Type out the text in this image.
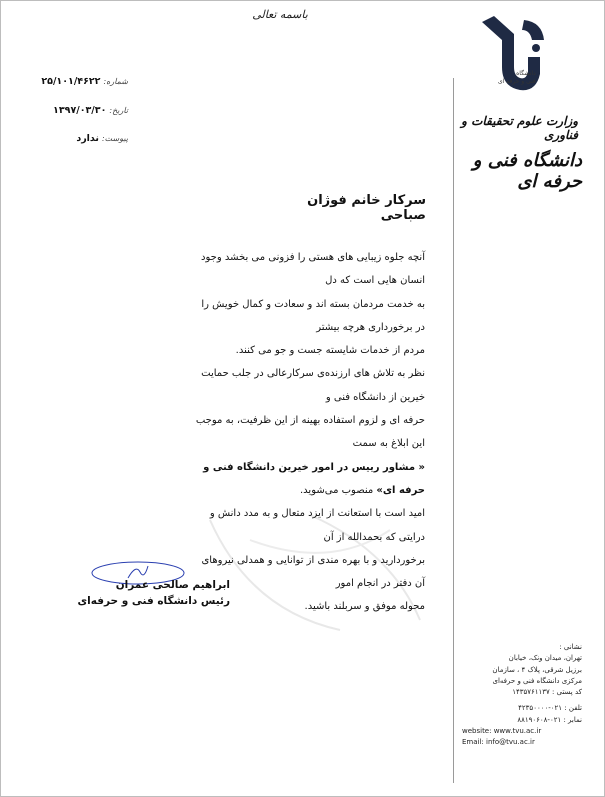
باسمه تعالی
دانشگاه
فنی و حرفه ای
وزارت علوم تحقیقات و فناوری
دانشگاه فنی و حرفه ای
شماره:۲۵/۱۰۱/۴۶۲۲
تاریخ:۱۳۹۷/۰۳/۳۰
پیوست:ندارد
سرکار خانم فوژان صباحی

آنچه جلوه زیبایی های هستی را فزونی می بخشد وجود انسان هایی است که دل

به خدمت مردمان بسته اند و سعادت و کمال خویش را در برخورداری هرچه بیشتر

مردم از خدمات شایسته جست و جو می کنند.

نظر به تلاش های ارزنده‌ی سرکارعالی در جلب حمایت خیرین از دانشگاه فنی و

حرفه ای و لزوم استفاده بهینه از این ظرفیت، به موجب این ابلاغ به سمت

« مشاور رییس در امور خیرین دانشگاه فنی و حرفه ای» منصوب می‌شوید.

امید است با استعانت از ایزد متعال و به مدد دانش و درایتی که بحمدالله از آن

برخوردارید و با بهره مندی از توانایی و همدلی نیروهای آن دفتر در انجام امور

محوله موفق و سربلند باشید.

ابراهیم صالحی عمران
رئیس دانشگاه فنی و حرفه‌ای
نشانی :
تهران، میدان ونک، خیابان
برزیل شرقی، پلاک ۴ ، سازمان
مرکزی دانشگاه فنی و حرفه‌ای
کد پستی : ۱۴۳۵۷۶۱۱۳۷
تلفن : ۰۲۱-۴۲۳۵۰۰۰۰
نمابر : ۰۲۱-۸۸۱۹۰۶۰۸
website: www.tvu.ac.ir
Email: info@tvu.ac.ir
